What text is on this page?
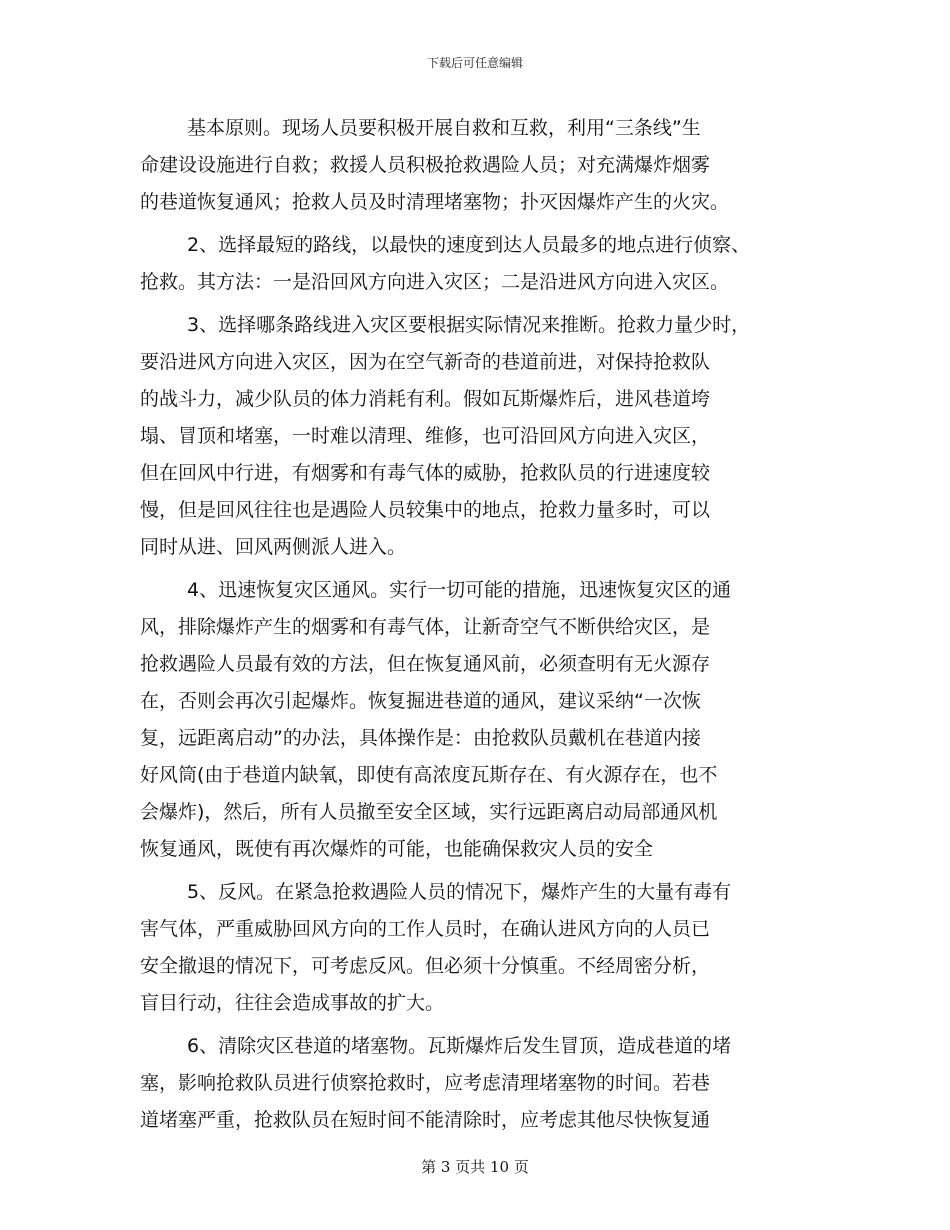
下载后可任意编辑
基本原则。现场人员要积极开展自救和互救，利用“三条线”生
命建设设施进行自救；救援人员积极抢救遇险人员；对充满爆炸烟雾
的巷道恢复通风；抢救人员及时清理堵塞物；扑灭因爆炸产生的火灾。
2、选择最短的路线，以最快的速度到达人员最多的地点进行侦察、
抢救。其方法：一是沿回风方向进入灾区；二是沿进风方向进入灾区。
3、选择哪条路线进入灾区要根据实际情况来推断。抢救力量少时，
要沿进风方向进入灾区，因为在空气新奇的巷道前进，对保持抢救队
的战斗力，减少队员的体力消耗有利。假如瓦斯爆炸后，进风巷道垮
塌、冒顶和堵塞，一时难以清理、维修，也可沿回风方向进入灾区，
但在回风中行进，有烟雾和有毒气体的威胁，抢救队员的行进速度较
慢，但是回风往往也是遇险人员较集中的地点，抢救力量多时，可以
同时从进、回风两侧派人进入。
4、迅速恢复灾区通风。实行一切可能的措施，迅速恢复灾区的通
风，排除爆炸产生的烟雾和有毒气体，让新奇空气不断供给灾区，是
抢救遇险人员最有效的方法，但在恢复通风前，必须查明有无火源存
在，否则会再次引起爆炸。恢复掘进巷道的通风，建议采纳“一次恢
复，远距离启动”的办法，具体操作是：由抢救队员戴机在巷道内接
好风筒(由于巷道内缺氧，即使有高浓度瓦斯存在、有火源存在，也不
会爆炸)，然后，所有人员撤至安全区域，实行远距离启动局部通风机
恢复通风，既使有再次爆炸的可能，也能确保救灾人员的安全
5、反风。在紧急抢救遇险人员的情况下，爆炸产生的大量有毒有
害气体，严重威胁回风方向的工作人员时，在确认进风方向的人员已
安全撤退的情况下，可考虑反风。但必须十分慎重。不经周密分析，
盲目行动，往往会造成事故的扩大。
6、清除灾区巷道的堵塞物。瓦斯爆炸后发生冒顶，造成巷道的堵
塞，影响抢救队员进行侦察抢救时，应考虑清理堵塞物的时间。若巷
道堵塞严重，抢救队员在短时间不能清除时，应考虑其他尽快恢复通
第 3 页共 10 页
